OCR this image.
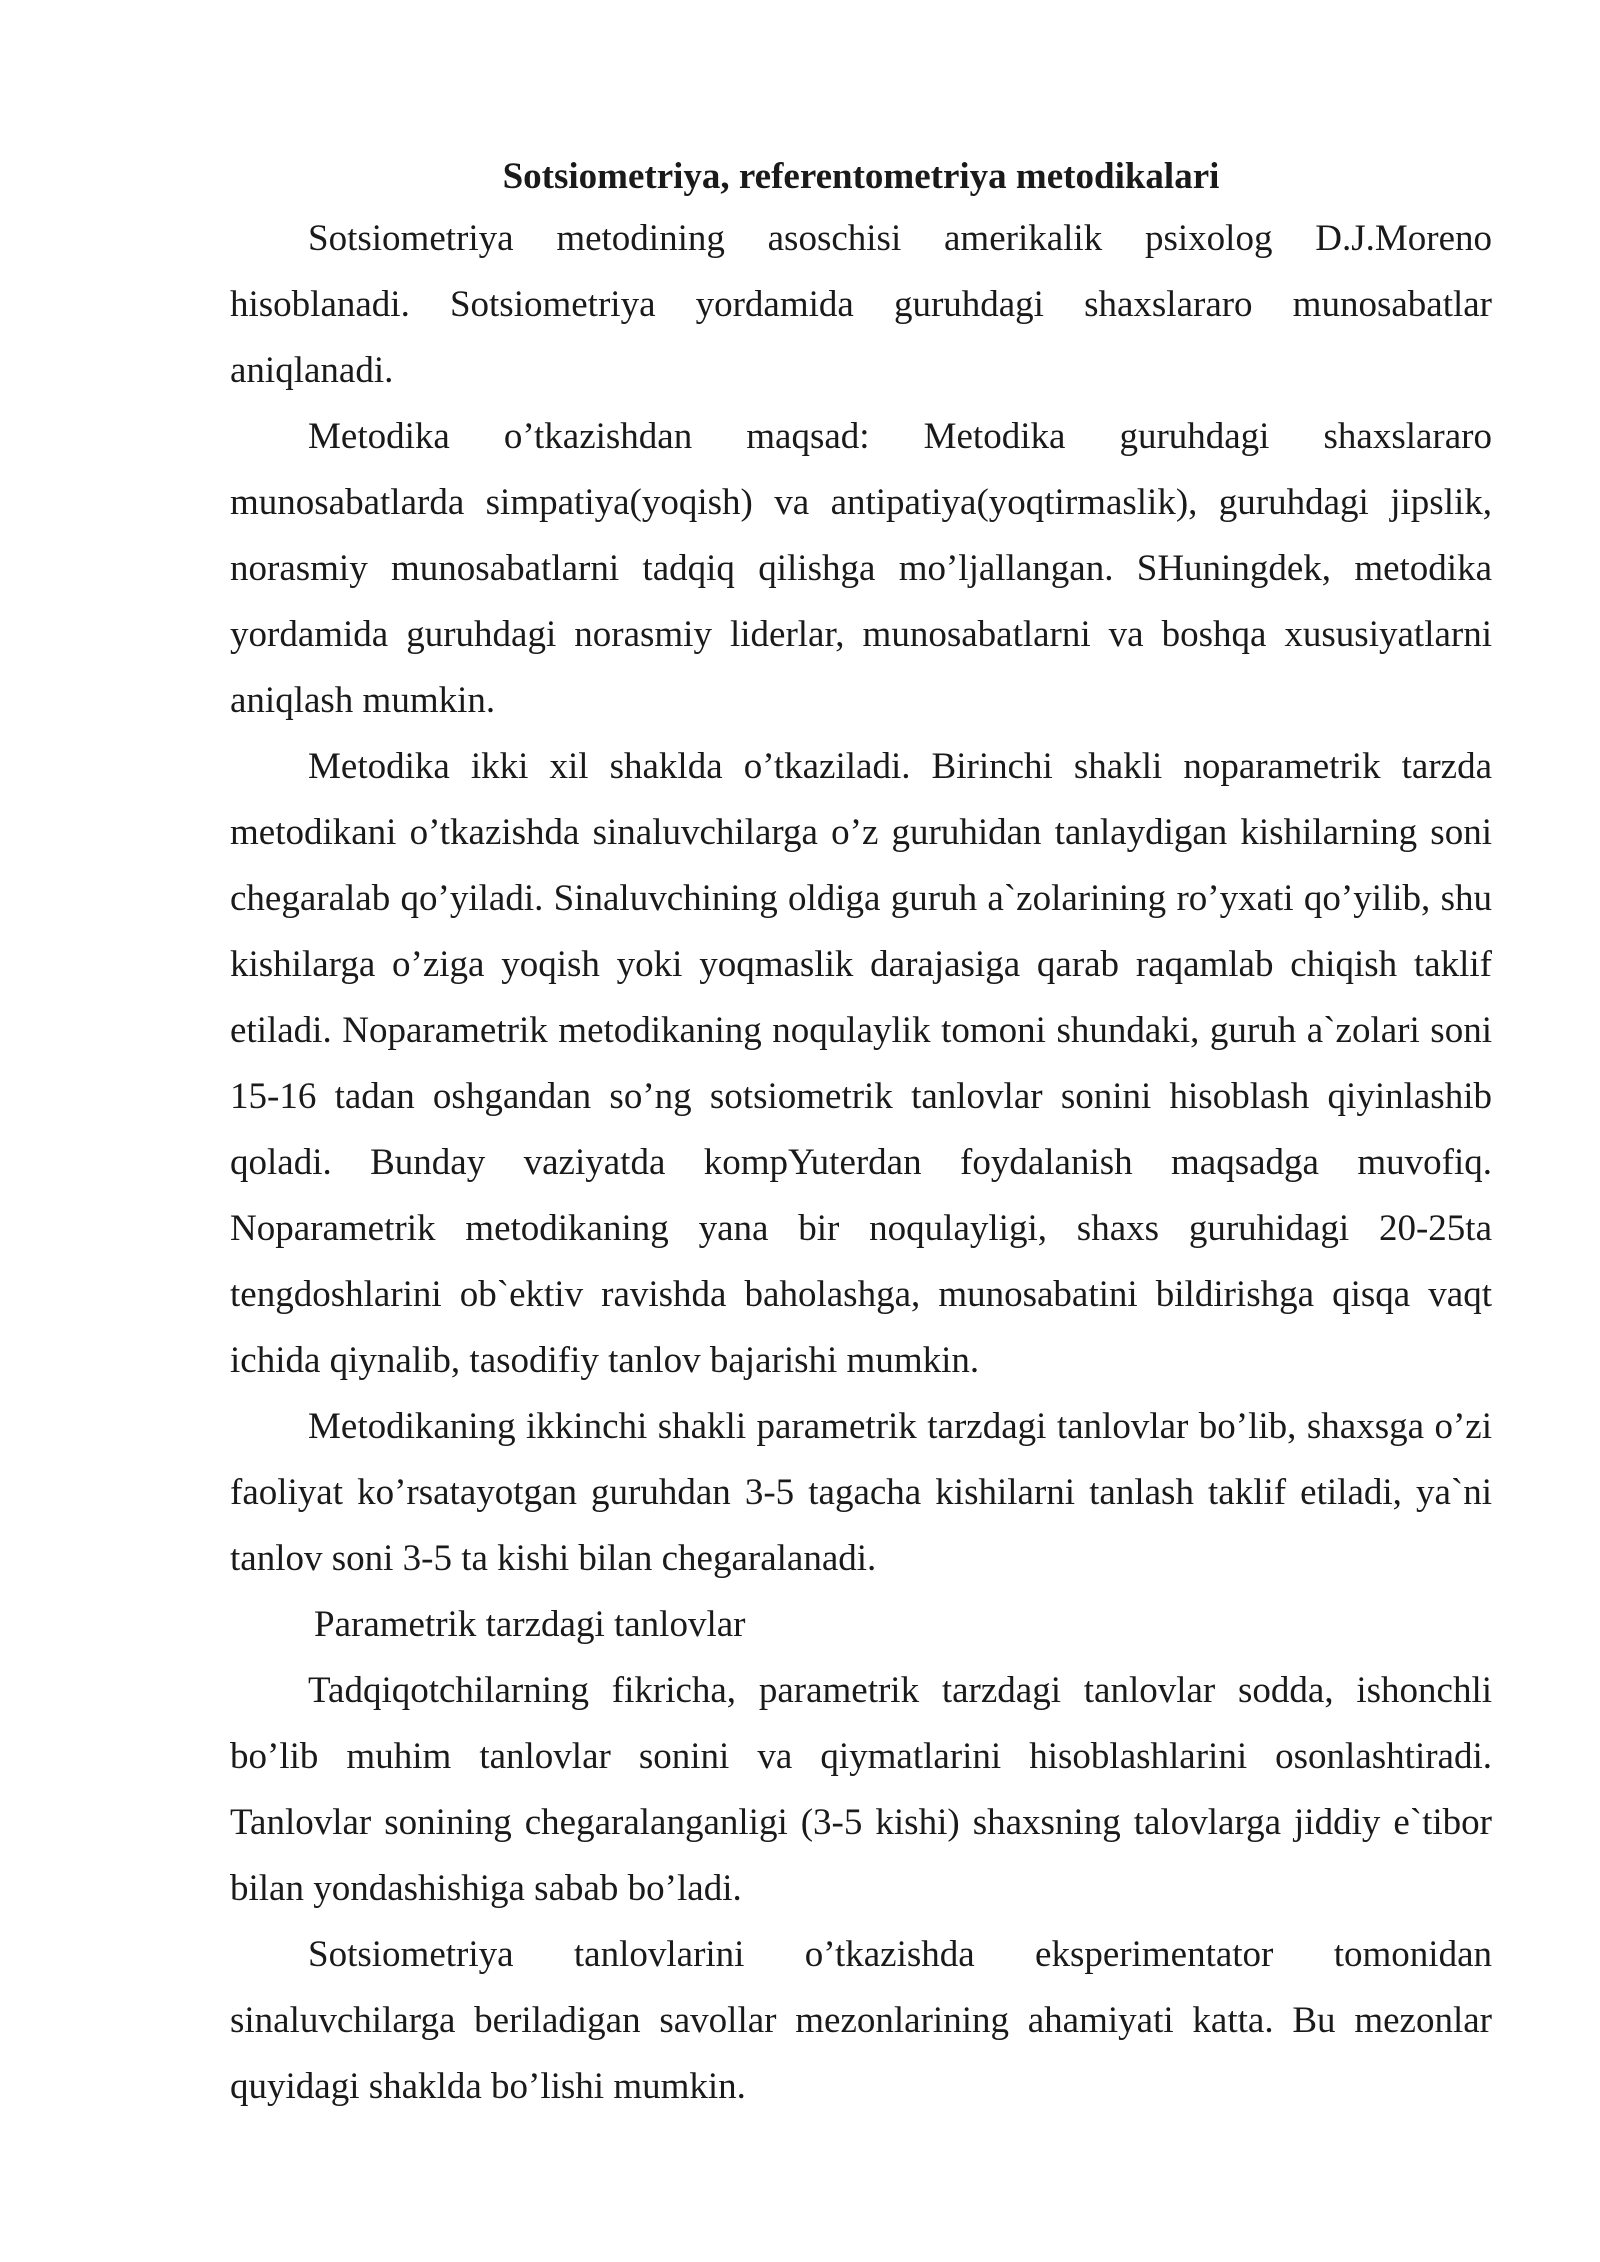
Sotsiometriya, referentometriya metodikalari

Sotsiometriya metodining asoschisi amerikalik psixolog D.J.Moreno hisoblanadi. Sotsiometriya yordamida guruhdagi shaxslararo munosabatlar aniqlanadi.

Metodika o’tkazishdan maqsad: Metodika guruhdagi shaxslararo munosabatlarda simpatiya(yoqish) va antipatiya(yoqtirmaslik), guruhdagi jipslik, norasmiy munosabatlarni tadqiq qilishga mo’ljallangan. SHuningdek, metodika yordamida guruhdagi norasmiy liderlar, munosabatlarni va boshqa xususiyatlarni aniqlash mumkin.

Metodika ikki xil shaklda o’tkaziladi. Birinchi shakli noparametrik tarzda metodikani o’tkazishda sinaluvchilarga o’z guruhidan tanlaydigan kishilarning soni chegaralab qo’yiladi. Sinaluvchining oldiga guruh a`zolarining ro’yxati qo’yilib, shu kishilarga o’ziga yoqish yoki yoqmaslik darajasiga qarab raqamlab chiqish taklif etiladi. Noparametrik metodikaning noqulaylik tomoni shundaki, guruh a`zolari soni 15-16 tadan oshgandan so’ng sotsiometrik tanlovlar sonini hisoblash qiyinlashib qoladi. Bunday vaziyatda kompYuterdan foydalanish maqsadga muvofiq. Noparametrik metodikaning yana bir noqulayligi, shaxs guruhidagi 20-25ta tengdoshlarini ob`ektiv ravishda baholashga, munosabatini bildirishga qisqa vaqt ichida qiynalib, tasodifiy tanlov bajarishi mumkin.

Metodikaning ikkinchi shakli parametrik tarzdagi tanlovlar bo’lib, shaxsga o’zi faoliyat ko’rsatayotgan guruhdan 3-5 tagacha kishilarni tanlash taklif etiladi, ya`ni tanlov soni 3-5 ta kishi bilan chegaralanadi.

Parametrik tarzdagi tanlovlar

Tadqiqotchilarning fikricha, parametrik tarzdagi tanlovlar sodda, ishonchli bo’lib muhim tanlovlar sonini va qiymatlarini hisoblashlarini osonlashtiradi. Tanlovlar sonining chegaralanganligi (3-5 kishi) shaxsning talovlarga jiddiy e`tibor bilan yondashishiga sabab bo’ladi.

Sotsiometriya tanlovlarini o’tkazishda eksperimentator tomonidan sinaluvchilarga beriladigan savollar mezonlarining ahamiyati katta. Bu mezonlar quyidagi shaklda bo’lishi mumkin.
